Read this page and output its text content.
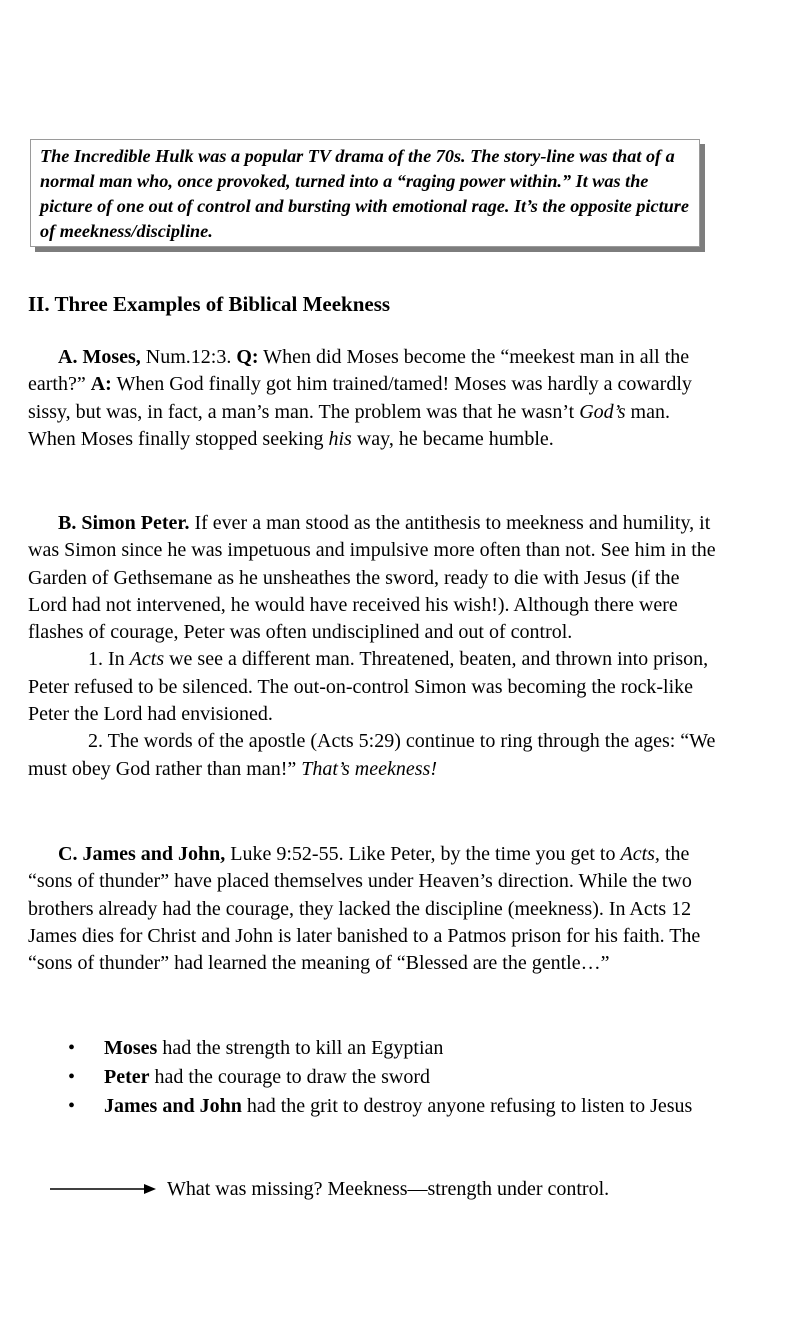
The Incredible Hulk was a popular TV drama of the 70s. The story-line was that of a normal man who, once provoked, turned into a “raging power within.” It was the picture of one out of control and bursting with emotional rage. It’s the opposite picture of meekness/discipline.

II. Three Examples of Biblical Meekness

A. Moses, Num.12:3. Q: When did Moses become the “meekest man in all the earth?” A: When God finally got him trained/tamed! Moses was hardly a cowardly sissy, but was, in fact, a man’s man. The problem was that he wasn’t God’s man. When Moses finally stopped seeking his way, he became humble.

B. Simon Peter. If ever a man stood as the antithesis to meekness and humility, it was Simon since he was impetuous and impulsive more often than not. See him in the Garden of Gethsemane as he unsheathes the sword, ready to die with Jesus (if the Lord had not intervened, he would have received his wish!). Although there were flashes of courage, Peter was often undisciplined and out of control.

1. In Acts we see a different man. Threatened, beaten, and thrown into prison, Peter refused to be silenced. The out-on-control Simon was becoming the rock-like Peter the Lord had envisioned.

2. The words of the apostle (Acts 5:29) continue to ring through the ages: “We must obey God rather than man!” That’s meekness!

C. James and John, Luke 9:52-55. Like Peter, by the time you get to Acts, the “sons of thunder” have placed themselves under Heaven’s direction. While the two brothers already had the courage, they lacked the discipline (meekness). In Acts 12 James dies for Christ and John is later banished to a Patmos prison for his faith. The “sons of thunder” had learned the meaning of “Blessed are the gentle…”

• Moses had the strength to kill an Egyptian
• Peter had the courage to draw the sword
• James and John had the grit to destroy anyone refusing to listen to Jesus
What was missing? Meekness—strength under control.
